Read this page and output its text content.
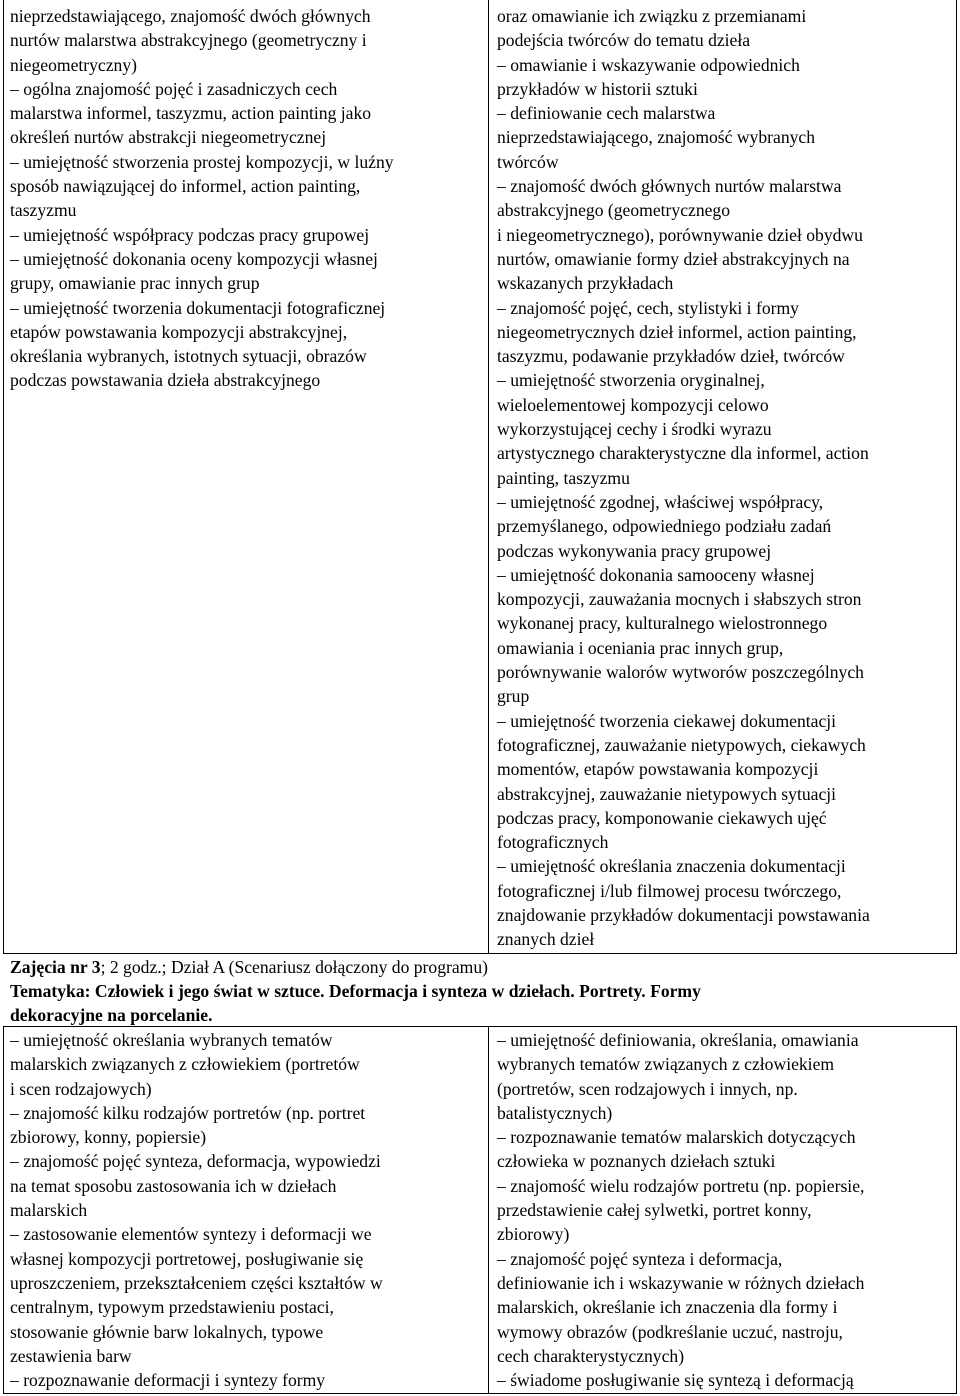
nieprzedstawiającego, znajomość dwóch głównych
nurtów malarstwa abstrakcyjnego (geometryczny i
niegeometryczny)
– ogólna znajomość pojęć i zasadniczych cech
malarstwa informel, taszyzmu, action painting jako
określeń nurtów abstrakcji niegeometrycznej
– umiejętność stworzenia prostej kompozycji, w luźny
sposób nawiązującej do informel, action painting,
taszyzmu
– umiejętność współpracy podczas pracy grupowej
– umiejętność dokonania oceny kompozycji własnej
grupy, omawianie prac innych grup
– umiejętność tworzenia dokumentacji fotograficznej
etapów powstawania kompozycji abstrakcyjnej,
określania wybranych, istotnych sytuacji, obrazów
podczas powstawania dzieła abstrakcyjnego
oraz omawianie ich związku z przemianami
podejścia twórców do tematu dzieła
– omawianie i wskazywanie odpowiednich
przykładów w historii sztuki
– definiowanie cech malarstwa
nieprzedstawiającego, znajomość wybranych
twórców
– znajomość dwóch głównych nurtów malarstwa
abstrakcyjnego (geometrycznego
i niegeometrycznego), porównywanie dzieł obydwu
nurtów, omawianie formy dzieł abstrakcyjnych na
wskazanych przykładach
– znajomość pojęć, cech, stylistyki i formy
niegeometrycznych dzieł informel, action painting,
taszyzmu, podawanie przykładów dzieł, twórców
– umiejętność stworzenia oryginalnej,
wieloelementowej kompozycji celowo
wykorzystującej cechy i środki wyrazu
artystycznego charakterystyczne dla informel, action
painting, taszyzmu
– umiejętność zgodnej, właściwej współpracy,
przemyślanego, odpowiedniego podziału zadań
podczas wykonywania pracy grupowej
– umiejętność dokonania samooceny własnej
kompozycji, zauważania mocnych i słabszych stron
wykonanej pracy, kulturalnego wielostronnego
omawiania i oceniania prac innych grup,
porównywanie walorów wytworów poszczególnych
grup
– umiejętność tworzenia ciekawej dokumentacji
fotograficznej, zauważanie nietypowych, ciekawych
momentów, etapów powstawania kompozycji
abstrakcyjnej, zauważanie nietypowych sytuacji
podczas pracy, komponowanie ciekawych ujęć
fotograficznych
– umiejętność określania znaczenia dokumentacji
fotograficznej i/lub filmowej procesu twórczego,
znajdowanie przykładów dokumentacji powstawania
znanych dzieł
Zajęcia nr 3; 2 godz.; Dział A (Scenariusz dołączony do programu)
Tematyka: Człowiek i jego świat w sztuce. Deformacja i synteza w dziełach. Portrety. Formy
dekoracyjne na porcelanie.
– umiejętność określania wybranych tematów
malarskich związanych z człowiekiem (portretów
i scen rodzajowych)
– znajomość kilku rodzajów portretów (np. portret
zbiorowy, konny, popiersie)
– znajomość pojęć synteza, deformacja, wypowiedzi
na temat sposobu zastosowania ich w dziełach
malarskich
– zastosowanie elementów syntezy i deformacji we
własnej kompozycji portretowej, posługiwanie się
uproszczeniem, przekształceniem części kształtów w
centralnym, typowym przedstawieniu postaci,
stosowanie głównie barw lokalnych, typowe
zestawienia barw
– rozpoznawanie deformacji i syntezy formy
– umiejętność definiowania, określania, omawiania
wybranych tematów związanych z człowiekiem
(portretów, scen rodzajowych i innych, np.
batalistycznych)
– rozpoznawanie tematów malarskich dotyczących
człowieka w poznanych dziełach sztuki
– znajomość wielu rodzajów portretu (np. popiersie,
przedstawienie całej sylwetki, portret konny,
zbiorowy)
– znajomość pojęć synteza i deformacja,
definiowanie ich i wskazywanie w różnych dziełach
malarskich, określanie ich znaczenia dla formy i
wymowy obrazów (podkreślanie uczuć, nastroju,
cech charakterystycznych)
– świadome posługiwanie się syntezą i deformacją
